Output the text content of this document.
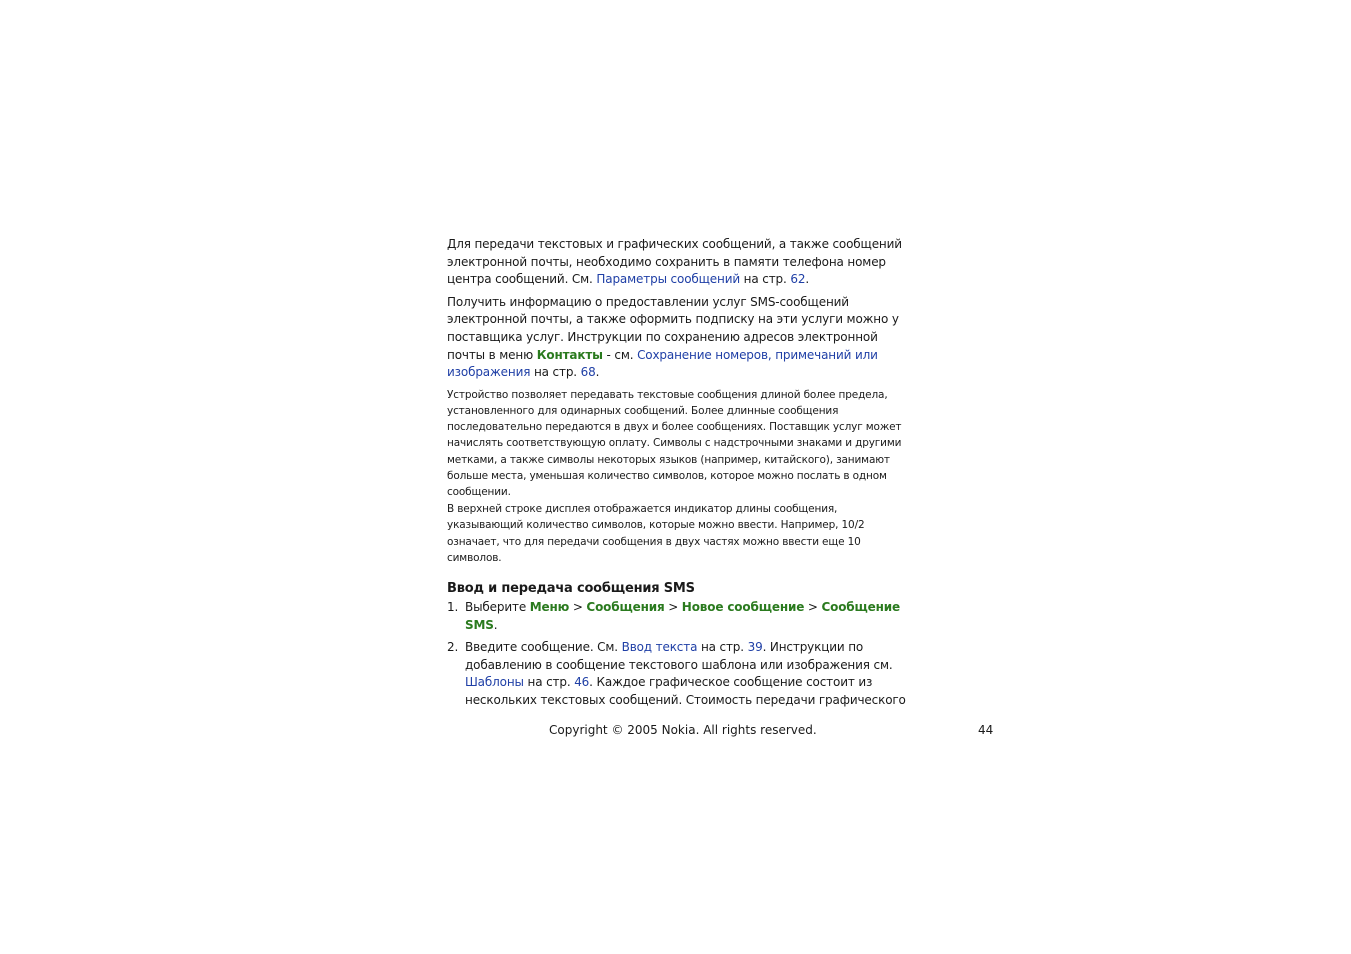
Для передачи текстовых и графических сообщений, а также сообщений электронной почты, необходимо сохранить в памяти телефона номер центра сообщений. См. Параметры сообщений на стр. 62.

Получить информацию о предоставлении услуг SMS-сообщений электронной почты, а также оформить подписку на эти услуги можно у поставщика услуг. Инструкции по сохранению адресов электронной почты в меню Контакты - см. Сохранение номеров, примечаний или изображения на стр. 68.

Устройство позволяет передавать текстовые сообщения длиной более предела, установленного для одинарных сообщений. Более длинные сообщения последовательно передаются в двух и более сообщениях. Поставщик услуг может начислять соответствующую оплату. Символы с надстрочными знаками и другими метками, а также символы некоторых языков (например, китайского), занимают больше места, уменьшая количество символов, которое можно послать в одном сообщении.

В верхней строке дисплея отображается индикатор длины сообщения, указывающий количество символов, которые можно ввести. Например, 10/2 означает, что для передачи сообщения в двух частях можно ввести еще 10 символов.

Ввод и передача сообщения SMS
1. Выберите Меню > Сообщения > Новое сообщение > Сообщение SMS.
2. Введите сообщение. См. Ввод текста на стр. 39. Инструкции по добавлению в сообщение текстового шаблона или изображения см. Шаблоны на стр. 46. Каждое графическое сообщение состоит из нескольких текстовых сообщений. Стоимость передачи графического
Copyright © 2005 Nokia. All rights reserved.	44
